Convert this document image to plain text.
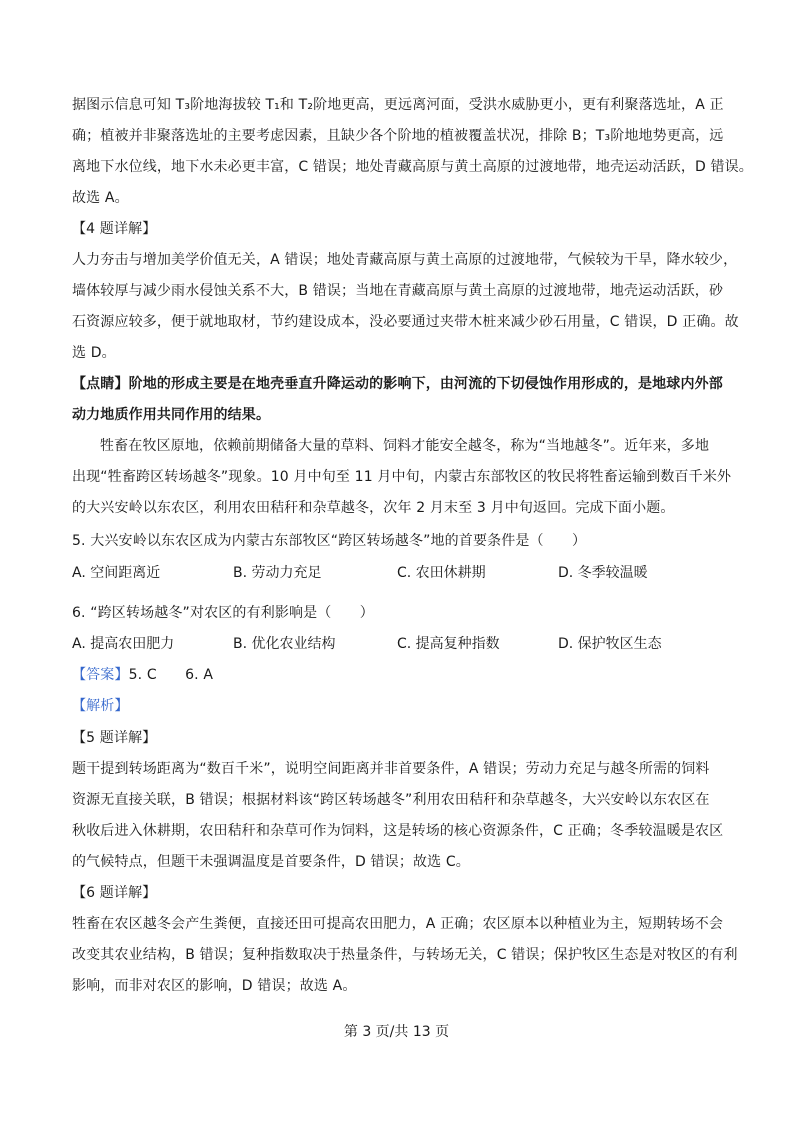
据图示信息可知 T₃阶地海拔较 T₁和 T₂阶地更高，更远离河面，受洪水威胁更小，更有利聚落选址，A 正
确；植被并非聚落选址的主要考虑因素，且缺少各个阶地的植被覆盖状况，排除 B；T₃阶地地势更高，远
离地下水位线，地下水未必更丰富，C 错误；地处青藏高原与黄土高原的过渡地带，地壳运动活跃，D 错误。
故选 A。
【4 题详解】
人力夯击与增加美学价值无关，A 错误；地处青藏高原与黄土高原的过渡地带，气候较为干旱，降水较少，
墙体较厚与减少雨水侵蚀关系不大，B 错误；当地在青藏高原与黄土高原的过渡地带，地壳运动活跃，砂
石资源应较多，便于就地取材，节约建设成本，没必要通过夹带木桩来减少砂石用量，C 错误，D 正确。故
选 D。
【点睛】阶地的形成主要是在地壳垂直升降运动的影响下，由河流的下切侵蚀作用形成的，是地球内外部
动力地质作用共同作用的结果。
牲畜在牧区原地，依赖前期储备大量的草料、饲料才能安全越冬，称为“当地越冬”。近年来，多地
出现“牲畜跨区转场越冬”现象。10 月中旬至 11 月中旬，内蒙古东部牧区的牧民将牲畜运输到数百千米外
的大兴安岭以东农区，利用农田秸秆和杂草越冬，次年 2 月末至 3 月中旬返回。完成下面小题。
5. 大兴安岭以东农区成为内蒙古东部牧区“跨区转场越冬”地的首要条件是（　　）
A. 空间距离近	B. 劳动力充足	C. 农田休耕期	D. 冬季较温暖
6. “跨区转场越冬”对农区的有利影响是（　　）
A. 提高农田肥力	B. 优化农业结构	C. 提高复种指数	D. 保护牧区生态
【答案】5. C　　6. A
【解析】
【5 题详解】
题干提到转场距离为“数百千米”，说明空间距离并非首要条件，A 错误；劳动力充足与越冬所需的饲料
资源无直接关联，B 错误；根据材料该“跨区转场越冬”利用农田秸秆和杂草越冬，大兴安岭以东农区在
秋收后进入休耕期，农田秸秆和杂草可作为饲料，这是转场的核心资源条件，C 正确；冬季较温暖是农区
的气候特点，但题干未强调温度是首要条件，D 错误；故选 C。
【6 题详解】
牲畜在农区越冬会产生粪便，直接还田可提高农田肥力，A 正确；农区原本以种植业为主，短期转场不会
改变其农业结构，B 错误；复种指数取决于热量条件，与转场无关，C 错误；保护牧区生态是对牧区的有利
影响，而非对农区的影响，D 错误；故选 A。
第 3 页/共 13 页
